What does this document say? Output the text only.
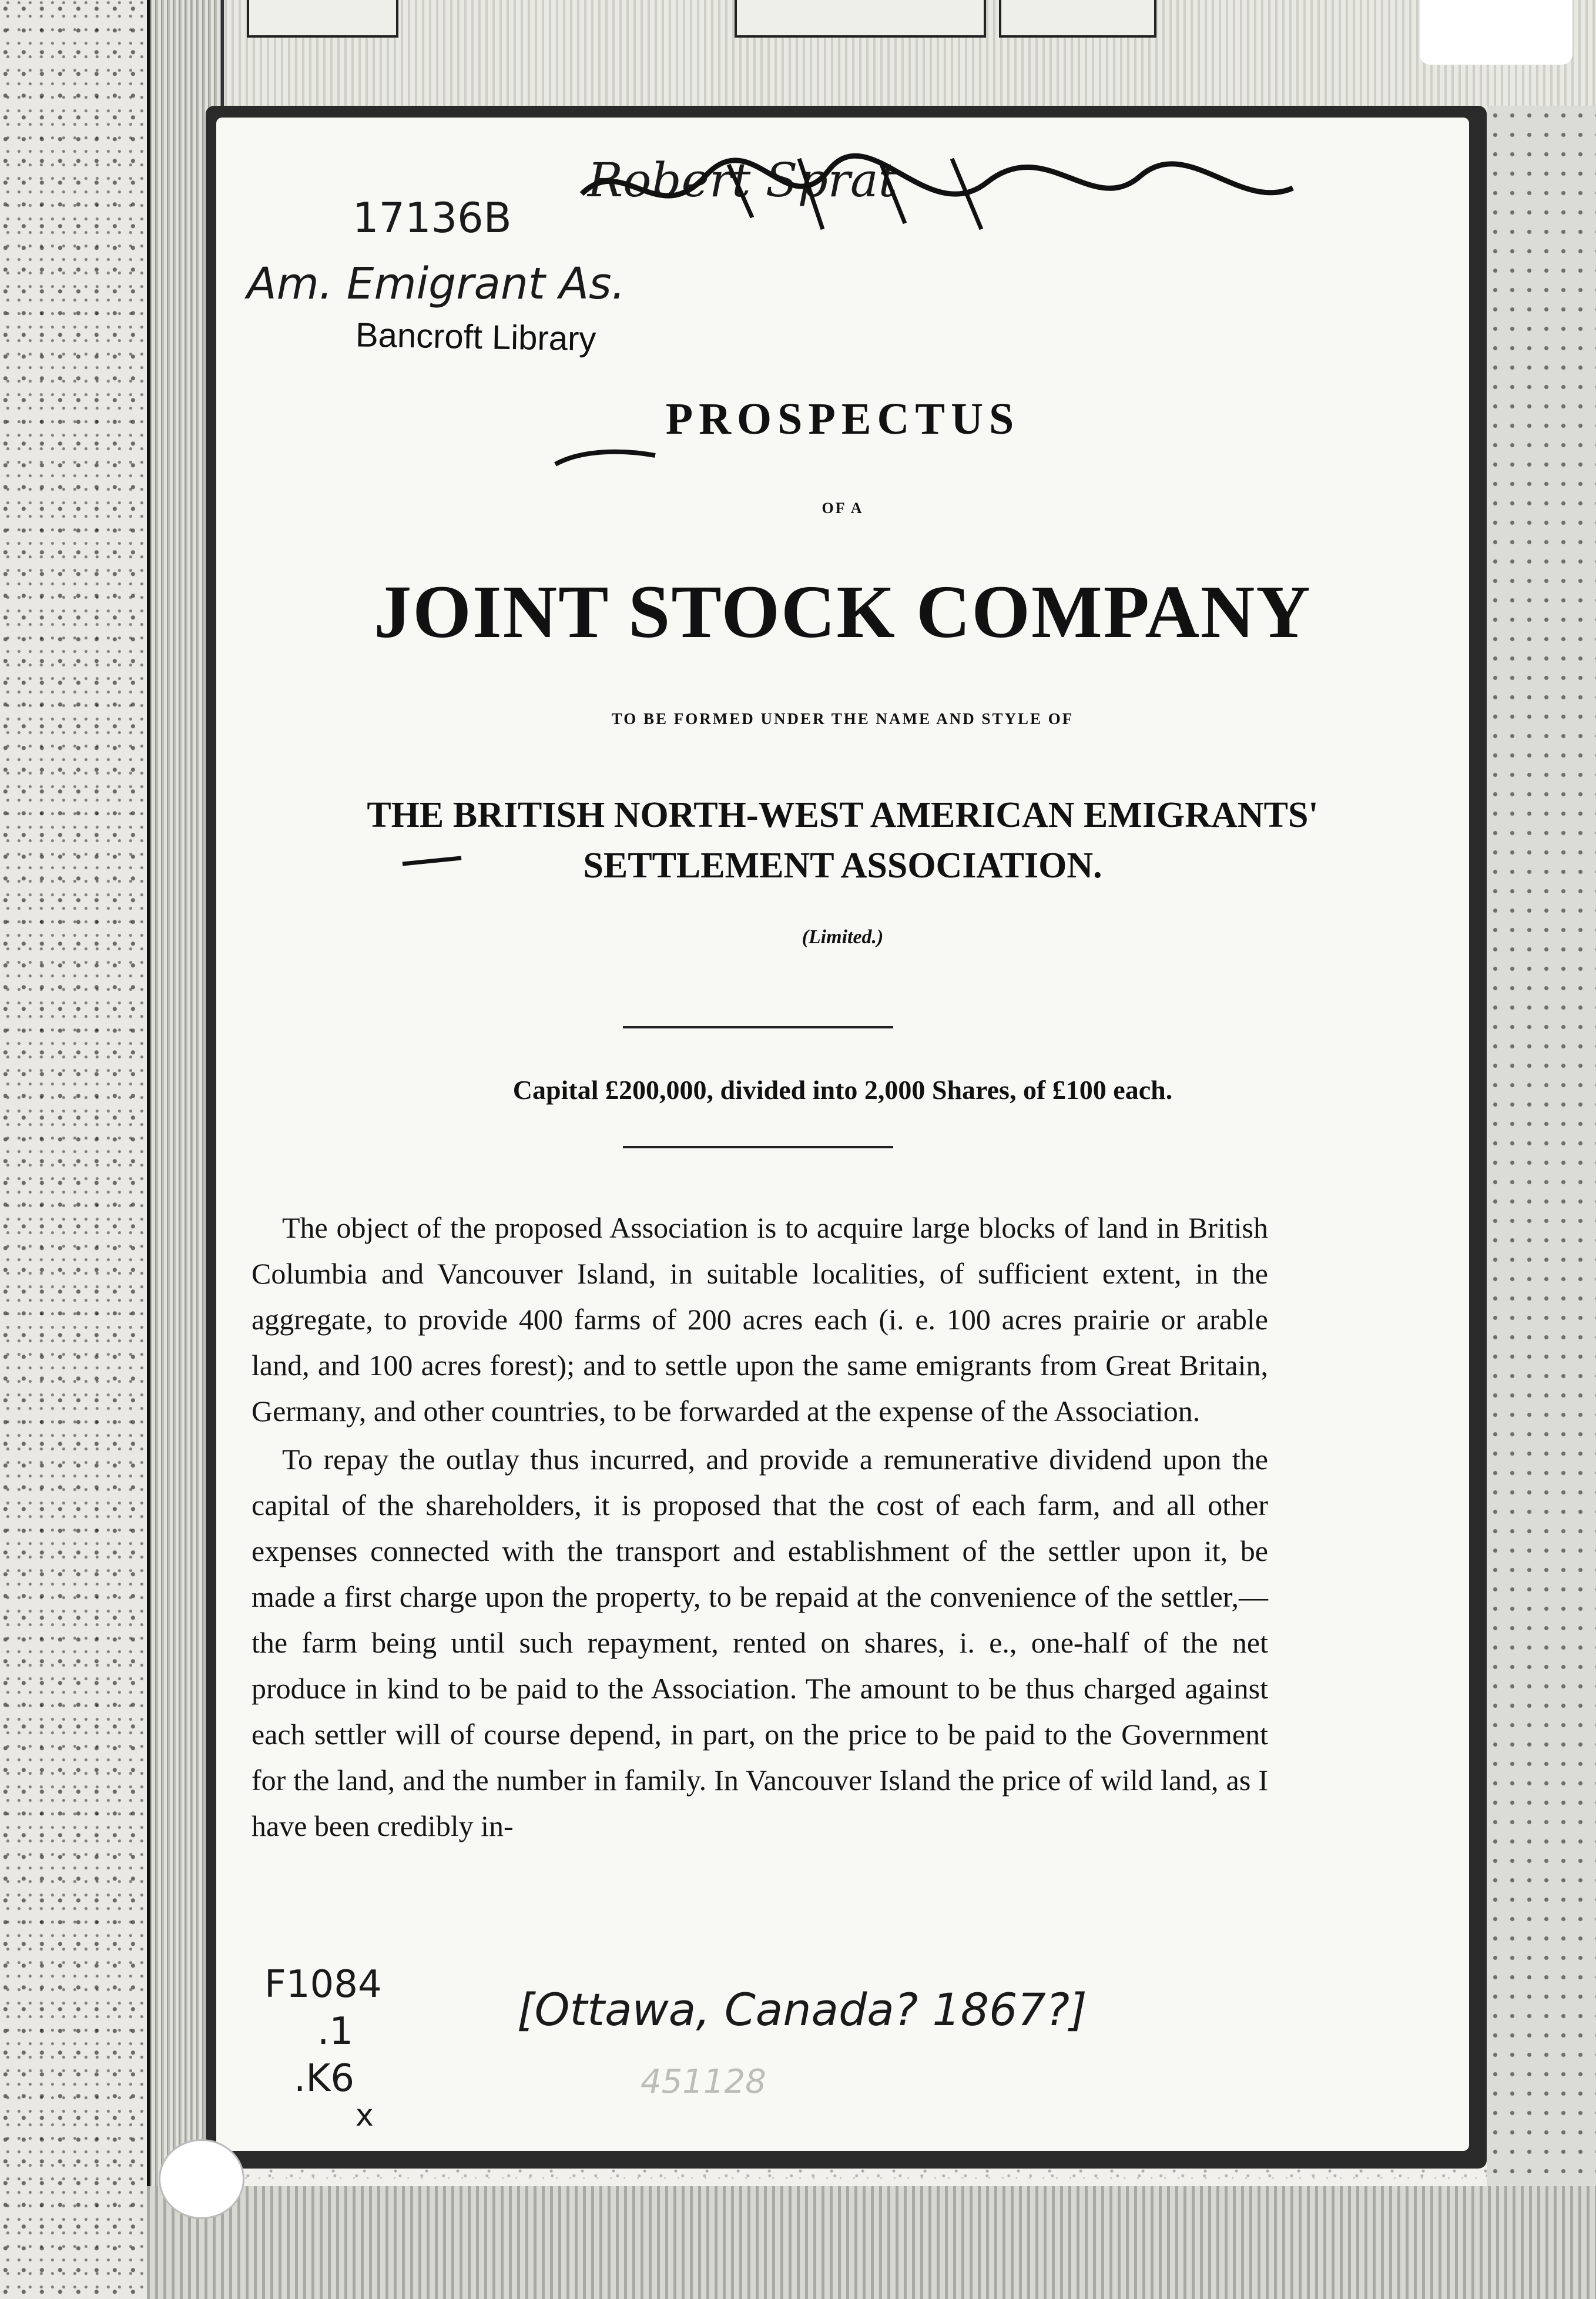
17136B
Am. Emigrant As.
Robert Sprat
Bancroft Library
PROSPECTUS
OF A
JOINT STOCK COMPANY
TO BE FORMED UNDER THE NAME AND STYLE OF
THE BRITISH NORTH-WEST AMERICAN EMIGRANTS'
SETTLEMENT ASSOCIATION.
(Limited.)
Capital £200,000, divided into 2,000 Shares, of £100 each.

The object of the proposed Association is to acquire large blocks of land in British Columbia and Vancouver Island, in suitable localities, of sufficient extent, in the aggregate, to provide 400 farms of 200 acres each (i. e. 100 acres prairie or arable land, and 100 acres forest); and to settle upon the same emigrants from Great Britain, Germany, and other countries, to be forwarded at the expense of the Association.

To repay the outlay thus incurred, and provide a remunerative dividend upon the capital of the shareholders, it is proposed that the cost of each farm, and all other expenses connected with the transport and establishment of the settler upon it, be made a first charge upon the property, to be repaid at the convenience of the settler,—the farm being until such repayment, rented on shares, i. e., one-half of the net produce in kind to be paid to the Association. The amount to be thus charged against each settler will of course depend, in part, on the price to be paid to the Government for the land, and the number in family. In Vancouver Island the price of wild land, as I have been credibly in-

F1084
.1
.K6
x
[Ottawa, Canada? 1867?]
451128
